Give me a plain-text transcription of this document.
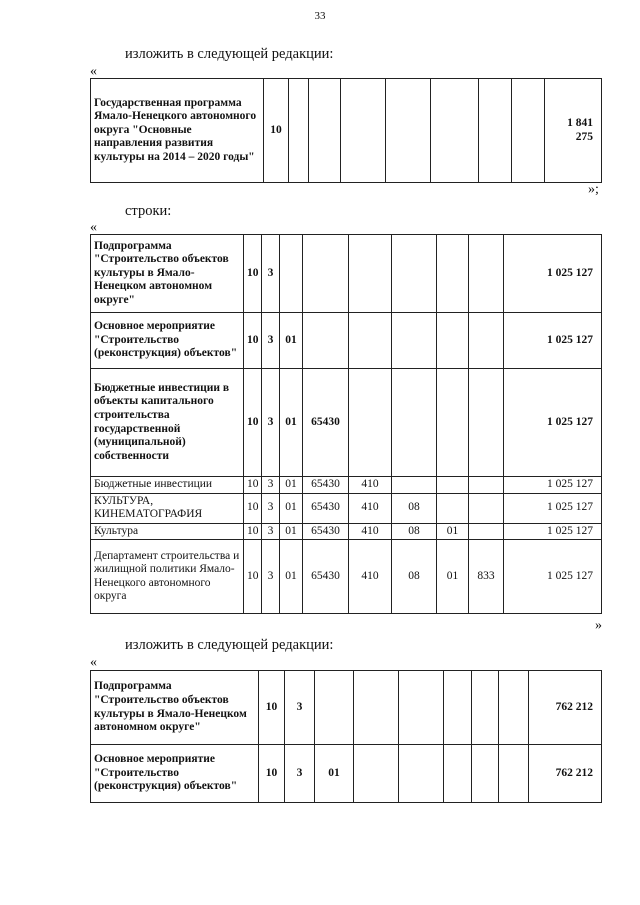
33
изложить в следующей редакции:
«
Государственная программа Ямало-Ненецкого автономного округа "Основные направления развития культуры на 2014 – 2020 годы"	10								1 841 275
»;
строки:
«
Подпрограмма "Строительство объектов культуры в Ямало-Ненецком автономном округе"	10	3							1 025 127
Основное мероприятие "Строительство (реконструкция) объектов"	10	3	01						1 025 127
Бюджетные инвестиции в объекты капитального строительства государственной (муниципальной) собственности	10	3	01	65430					1 025 127
Бюджетные инвестиции	10	3	01	65430	410				1 025 127
КУЛЬТУРА, КИНЕМАТОГРАФИЯ	10	3	01	65430	410	08			1 025 127
Культура	10	3	01	65430	410	08	01		1 025 127
Департамент строительства и жилищной политики Ямало-Ненецкого автономного округа	10	3	01	65430	410	08	01	833	1 025 127
»
изложить в следующей редакции:
«
Подпрограмма "Строительство объектов культуры в Ямало-Ненецком автономном округе"	10	3							762 212
Основное мероприятие "Строительство (реконструкция) объектов"	10	3	01						762 212
